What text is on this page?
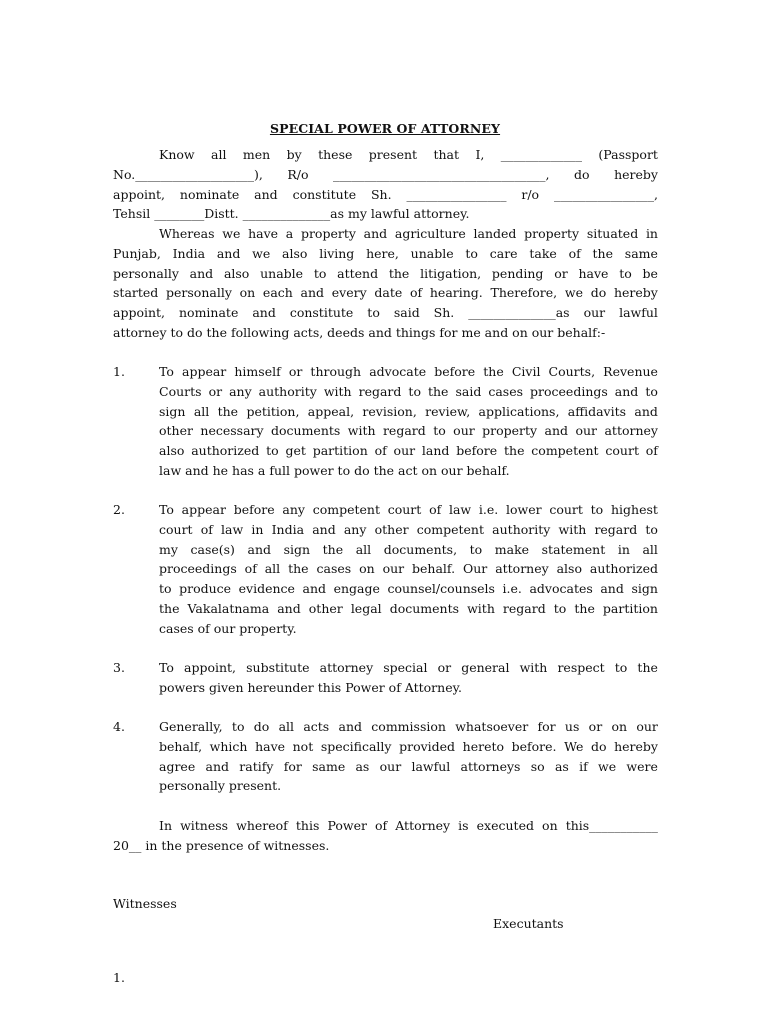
SPECIAL POWER OF ATTORNEY
Know all men by these present that I, _____________ (Passport
No.___________________), R/o __________________________________, do hereby
appoint, nominate and constitute Sh. ________________ r/o ________________,
Tehsil ________Distt. ______________as my lawful attorney.
Whereas we have a property and agriculture landed property situated in
Punjab, India and we also living here, unable to care take of the same
personally and also unable to attend the litigation, pending or have to be
started personally on each and every date of hearing. Therefore, we do hereby
appoint, nominate and constitute to said Sh. ______________as our lawful
attorney to do the following acts, deeds and things for me and on our behalf:-
1.	To appear himself or through advocate before the Civil Courts, Revenue
Courts or any authority with regard to the said cases proceedings and to
sign all the petition, appeal, revision, review, applications, affidavits and
other necessary documents with regard to our property and our attorney
also authorized to get partition of our land before the competent court of
law and he has a full power to do the act on our behalf.
2.	To appear before any competent court of law i.e. lower court to highest
court of law in India and any other competent authority with regard to
my case(s) and sign the all documents, to make statement in all
proceedings of all the cases on our behalf. Our attorney also authorized
to produce evidence and engage counsel/counsels i.e. advocates and sign
the Vakalatnama and other legal documents with regard to the partition
cases of our property.
3.	To appoint, substitute attorney special or general with respect to the
powers given hereunder this Power of Attorney.
4.	Generally, to do all acts and commission whatsoever for us or on our
behalf, which have not specifically provided hereto before. We do hereby
agree and ratify for same as our lawful attorneys so as if we were
personally present.
In witness whereof this Power of Attorney is executed on this___________
20__ in the presence of witnesses.
Witnesses
Executants
1.
